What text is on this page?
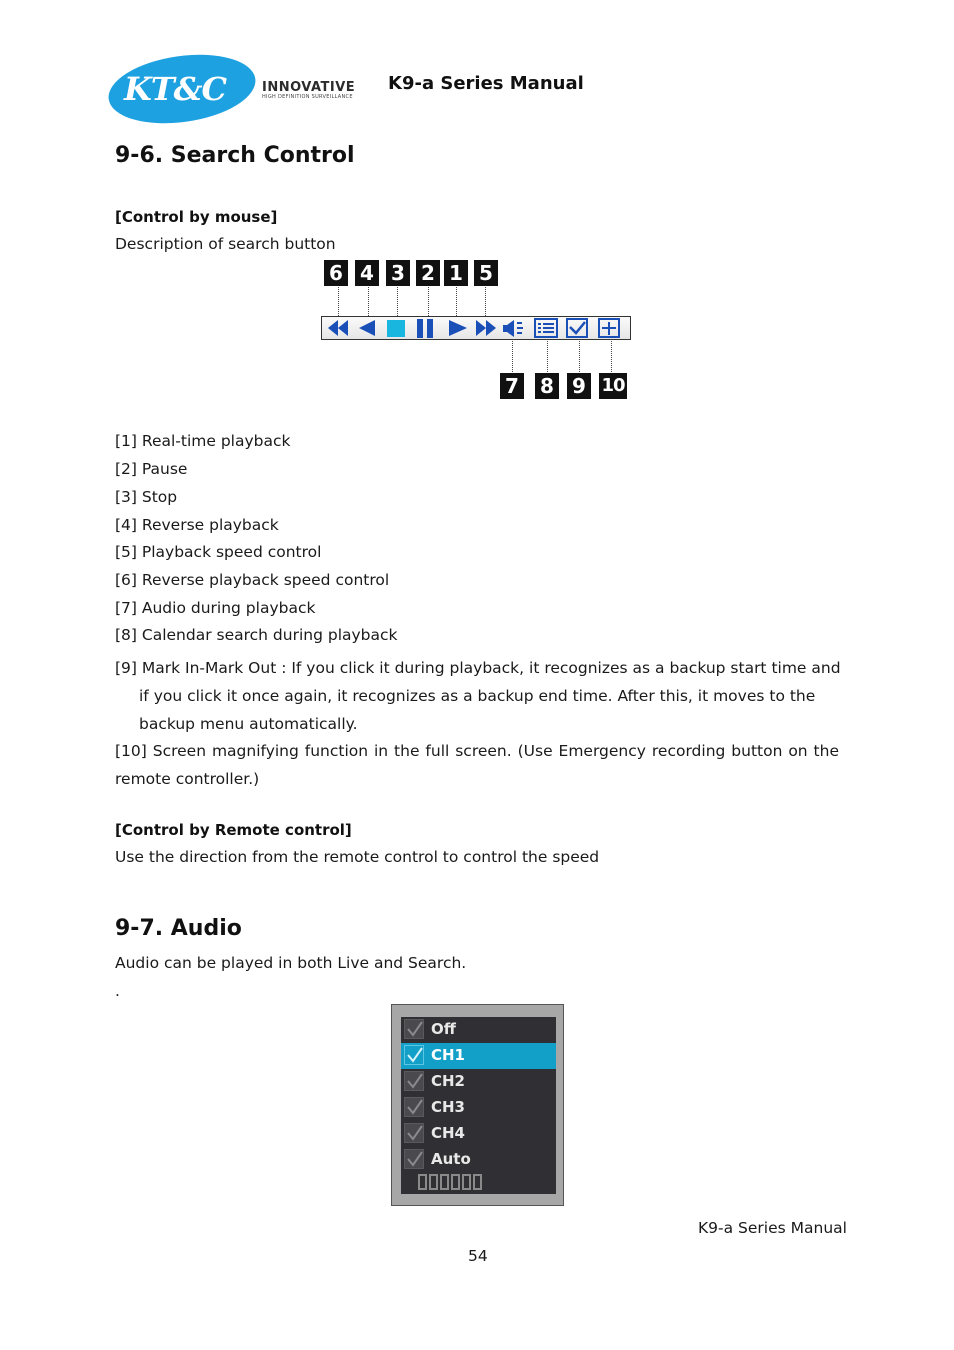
KT&C	INNOVATIVE
HIGH DEFINITION SURVEILLANCE
K9-a Series Manual
9-6. Search Control
[Control by mouse]
Description of search button
6 4 3 2 1 5
7 8 9 10
[1] Real-time playback
[2] Pause
[3] Stop
[4] Reverse playback
[5] Playback speed control
[6] Reverse playback speed control
[7] Audio during playback
[8] Calendar search during playback
[9] Mark In-Mark Out : If you click it during playback, it recognizes as a backup start time and if you click it once again, it recognizes as a backup end time. After this, it moves to the backup menu automatically.
[10] Screen magnifying function in the full screen. (Use Emergency recording button on the remote controller.)
[Control by Remote control]
Use the direction from the remote control to control the speed
9-7. Audio
Audio can be played in both Live and Search.
.
Off
CH1
CH2
CH3
CH4
Auto
K9-a Series Manual
54
